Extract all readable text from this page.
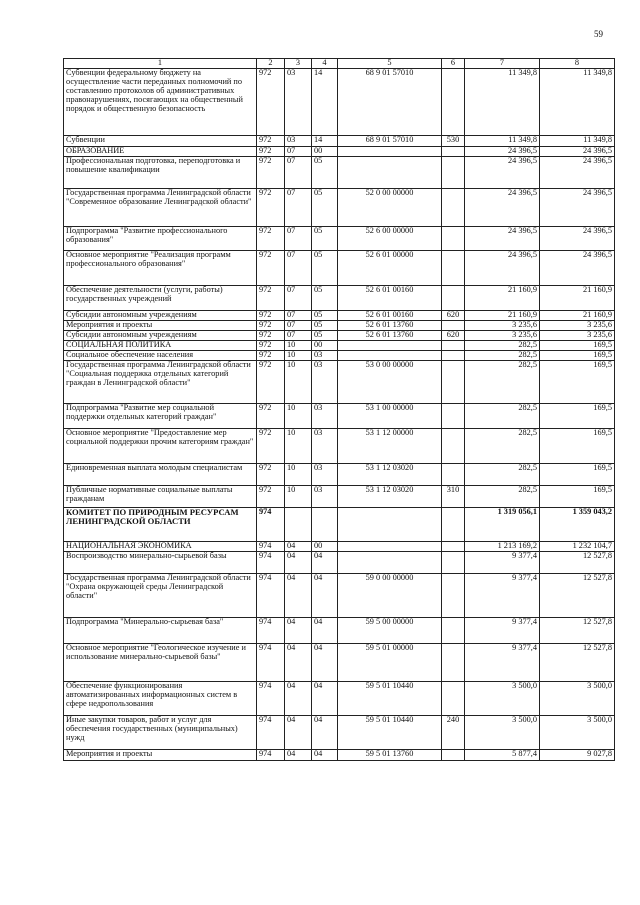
59
1	2	3	4	5	6	7	8
Субвенции федеральному бюджету на осуществление части переданных полномочий по составлению протоколов об административных правонарушениях, посягающих на общественный порядок и общественную безопасность	972	03	14	68 9 01 57010		11 349,8	11 349,8
Субвенции	972	03	14	68 9 01 57010	530	11 349,8	11 349,8
ОБРАЗОВАНИЕ	972	07	00			24 396,5	24 396,5
Профессиональная подготовка, переподготовка и повышение квалификации	972	07	05			24 396,5	24 396,5
Государственная программа Ленинградской области "Современное образование Ленинградской области"	972	07	05	52 0 00 00000		24 396,5	24 396,5
Подпрограмма "Развитие профессионального образования"	972	07	05	52 6 00 00000		24 396,5	24 396,5
Основное мероприятие "Реализация программ профессионального образования"	972	07	05	52 6 01 00000		24 396,5	24 396,5
Обеспечение деятельности (услуги, работы) государственных учреждений	972	07	05	52 6 01 00160		21 160,9	21 160,9
Субсидии автономным учреждениям	972	07	05	52 6 01 00160	620	21 160,9	21 160,9
Мероприятия и проекты	972	07	05	52 6 01 13760		3 235,6	3 235,6
Субсидии автономным учреждениям	972	07	05	52 6 01 13760	620	3 235,6	3 235,6
СОЦИАЛЬНАЯ ПОЛИТИКА	972	10	00			282,5	169,5
Социальное обеспечение населения	972	10	03			282,5	169,5
Государственная программа Ленинградской области "Социальная поддержка отдельных категорий граждан в Ленинградской области"	972	10	03	53 0 00 00000		282,5	169,5
Подпрограмма "Развитие мер социальной поддержки отдельных категорий граждан"	972	10	03	53 1 00 00000		282,5	169,5
Основное мероприятие "Предоставление мер социальной поддержки прочим категориям граждан"	972	10	03	53 1 12 00000		282,5	169,5
Единовременная выплата молодым специалистам	972	10	03	53 1 12 03020		282,5	169,5
Публичные нормативные социальные выплаты гражданам	972	10	03	53 1 12 03020	310	282,5	169,5
КОМИТЕТ ПО ПРИРОДНЫМ РЕСУРСАМ ЛЕНИНГРАДСКОЙ ОБЛАСТИ	974					1 319 056,1	1 359 043,2
НАЦИОНАЛЬНАЯ ЭКОНОМИКА	974	04	00			1 213 169,2	1 232 104,7
Воспроизводство минерально-сырьевой базы	974	04	04			9 377,4	12 527,8
Государственная программа Ленинградской области "Охрана окружающей среды Ленинградской области"	974	04	04	59 0 00 00000		9 377,4	12 527,8
Подпрограмма "Минерально-сырьевая база"	974	04	04	59 5 00 00000		9 377,4	12 527,8
Основное мероприятие "Геологическое изучение и использование минерально-сырьевой базы"	974	04	04	59 5 01 00000		9 377,4	12 527,8
Обеспечение функционирования автоматизированных информационных систем в сфере недропользования	974	04	04	59 5 01 10440		3 500,0	3 500,0
Иные закупки товаров, работ и услуг для обеспечения государственных (муниципальных) нужд	974	04	04	59 5 01 10440	240	3 500,0	3 500,0
Мероприятия и проекты	974	04	04	59 5 01 13760		5 877,4	9 027,8
